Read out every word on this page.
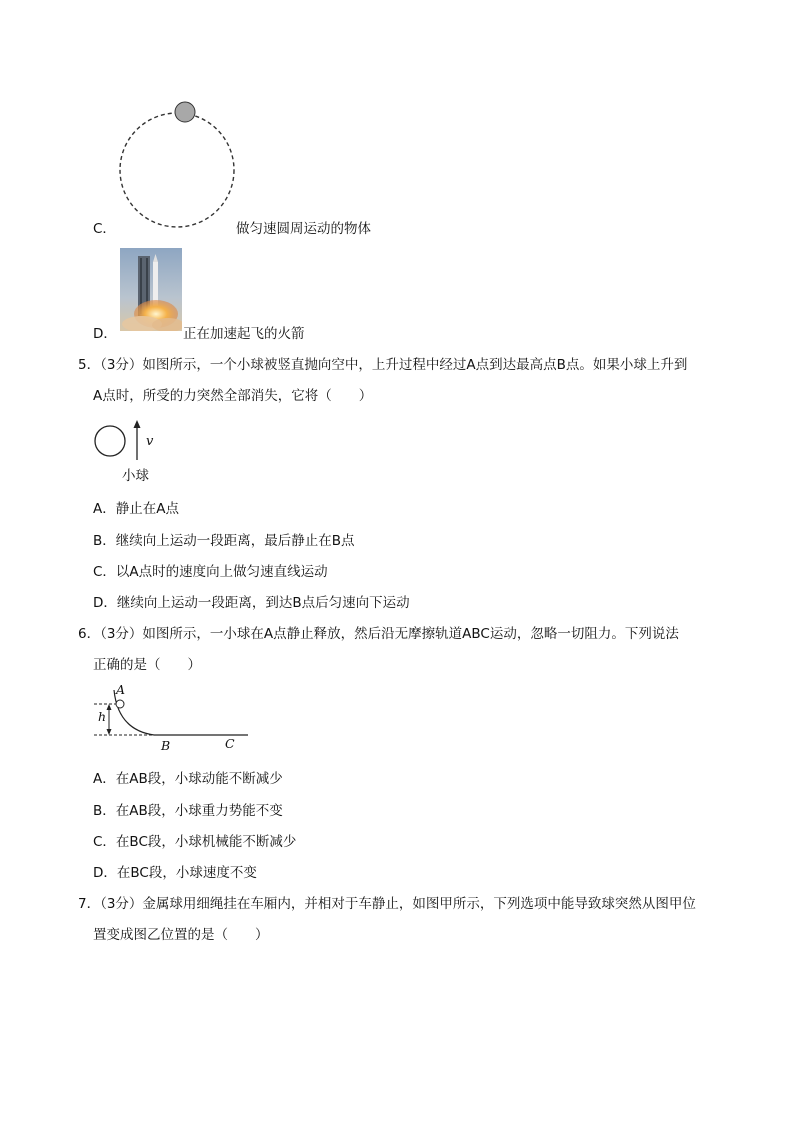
C．	做匀速圆周运动的物体
D．	正在加速起飞的火箭
5．（3分）如图所示，一个小球被竖直抛向空中，上升过程中经过A点到达最高点B点。如果小球上升到
A点时，所受的力突然全部消失，它将（　　）
v
小球
A．静止在A点
B．继续向上运动一段距离，最后静止在B点
C．以A点时的速度向上做匀速直线运动
D．继续向上运动一段距离，到达B点后匀速向下运动
6．（3分）如图所示，一小球在A点静止释放，然后沿无摩擦轨道ABC运动，忽略一切阻力。下列说法
正确的是（　　）
A
h
B	C
A．在AB段，小球动能不断减少
B．在AB段，小球重力势能不变
C．在BC段，小球机械能不断减少
D．在BC段，小球速度不变
7．（3分）金属球用细绳挂在车厢内，并相对于车静止，如图甲所示，下列选项中能导致球突然从图甲位
置变成图乙位置的是（　　）
